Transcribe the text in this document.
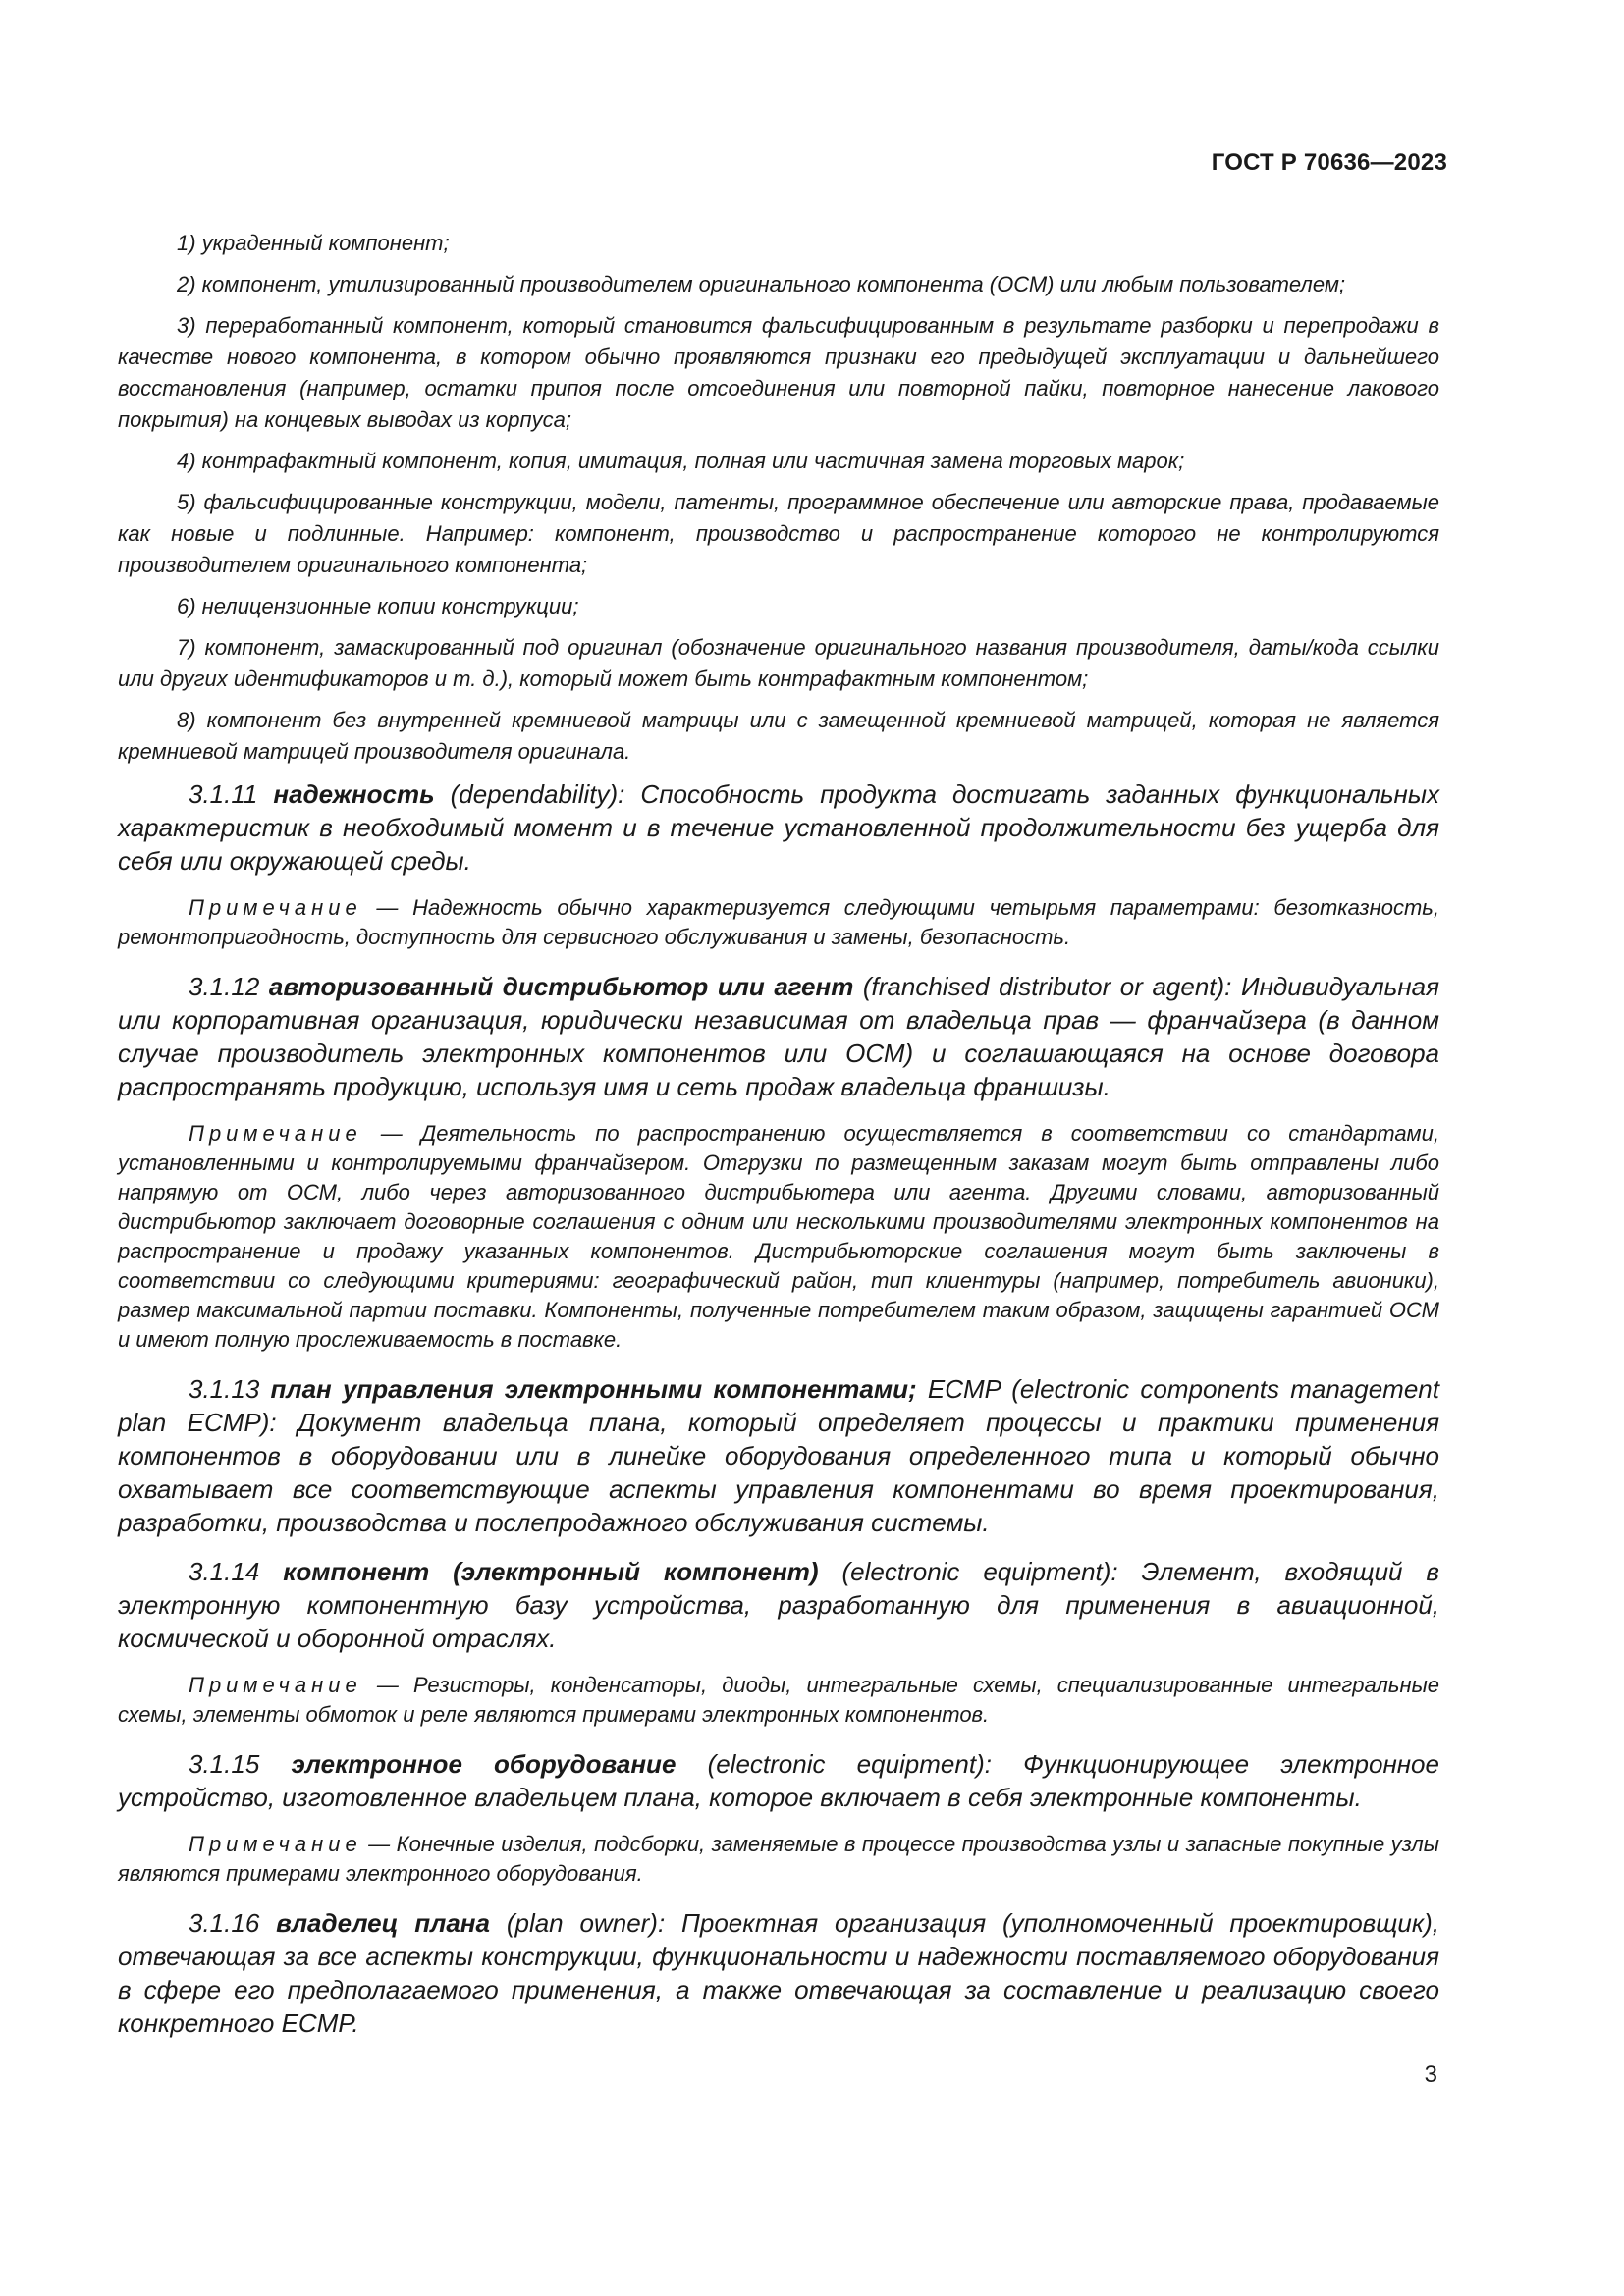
ГОСТ Р 70636—2023

1) украденный компонент;

2) компонент, утилизированный производителем оригинального компонента (ОСМ) или любым пользователем;

3) переработанный компонент, который становится фальсифицированным в результате разборки и перепродажи в качестве нового компонента, в котором обычно проявляются признаки его предыдущей эксплуатации и дальнейшего восстановления (например, остатки припоя после отсоединения или повторной пайки, повторное нанесение лакового покрытия) на концевых выводах из корпуса;

4) контрафактный компонент, копия, имитация, полная или частичная замена торговых марок;

5) фальсифицированные конструкции, модели, патенты, программное обеспечение или авторские права, продаваемые как новые и подлинные. Например: компонент, производство и распространение которого не контролируются производителем оригинального компонента;

6) нелицензионные копии конструкции;

7) компонент, замаскированный под оригинал (обозначение оригинального названия производителя, даты/кода ссылки или других идентификаторов и т. д.), который может быть контрафактным компонентом;

8) компонент без внутренней кремниевой матрицы или с замещенной кремниевой матрицей, которая не является кремниевой матрицей производителя оригинала.

3.1.11 надежность (dependability): Способность продукта достигать заданных функциональных характеристик в необходимый момент и в течение установленной продолжительности без ущерба для себя или окружающей среды.

Примечание — Надежность обычно характеризуется следующими четырьмя параметрами: безотказность, ремонтопригодность, доступность для сервисного обслуживания и замены, безопасность.

3.1.12 авторизованный дистрибьютор или агент (franchised distributor or agent): Индивидуальная или корпоративная организация, юридически независимая от владельца прав — франчайзера (в данном случае производитель электронных компонентов или ОСМ) и соглашающаяся на основе договора распространять продукцию, используя имя и сеть продаж владельца франшизы.

Примечание — Деятельность по распространению осуществляется в соответствии со стандартами, установленными и контролируемыми франчайзером. Отгрузки по размещенным заказам могут быть отправлены либо напрямую от ОСМ, либо через авторизованного дистрибьютера или агента. Другими словами, авторизованный дистрибьютор заключает договорные соглашения с одним или несколькими производителями электронных компонентов на распространение и продажу указанных компонентов. Дистрибьюторские соглашения могут быть заключены в соответствии со следующими критериями: географический район, тип клиентуры (например, потребитель авионики), размер максимальной партии поставки. Компоненты, полученные потребителем таким образом, защищены гарантией ОСМ и имеют полную прослеживаемость в поставке.

3.1.13 план управления электронными компонентами; ECMP (electronic components management plan ECMP): Документ владельца плана, который определяет процессы и практики применения компонентов в оборудовании или в линейке оборудования определенного типа и который обычно охватывает все соответствующие аспекты управления компонентами во время проектирования, разработки, производства и послепродажного обслуживания системы.

3.1.14 компонент (электронный компонент) (electronic equipment): Элемент, входящий в электронную компонентную базу устройства, разработанную для применения в авиационной, космической и оборонной отраслях.

Примечание — Резисторы, конденсаторы, диоды, интегральные схемы, специализированные интегральные схемы, элементы обмоток и реле являются примерами электронных компонентов.

3.1.15 электронное оборудование (electronic equipment): Функционирующее электронное устройство, изготовленное владельцем плана, которое включает в себя электронные компоненты.

Примечание — Конечные изделия, подсборки, заменяемые в процессе производства узлы и запасные покупные узлы являются примерами электронного оборудования.

3.1.16 владелец плана (plan owner): Проектная организация (уполномоченный проектировщик), отвечающая за все аспекты конструкции, функциональности и надежности поставляемого оборудования в сфере его предполагаемого применения, а также отвечающая за составление и реализацию своего конкретного ECMP.

3
